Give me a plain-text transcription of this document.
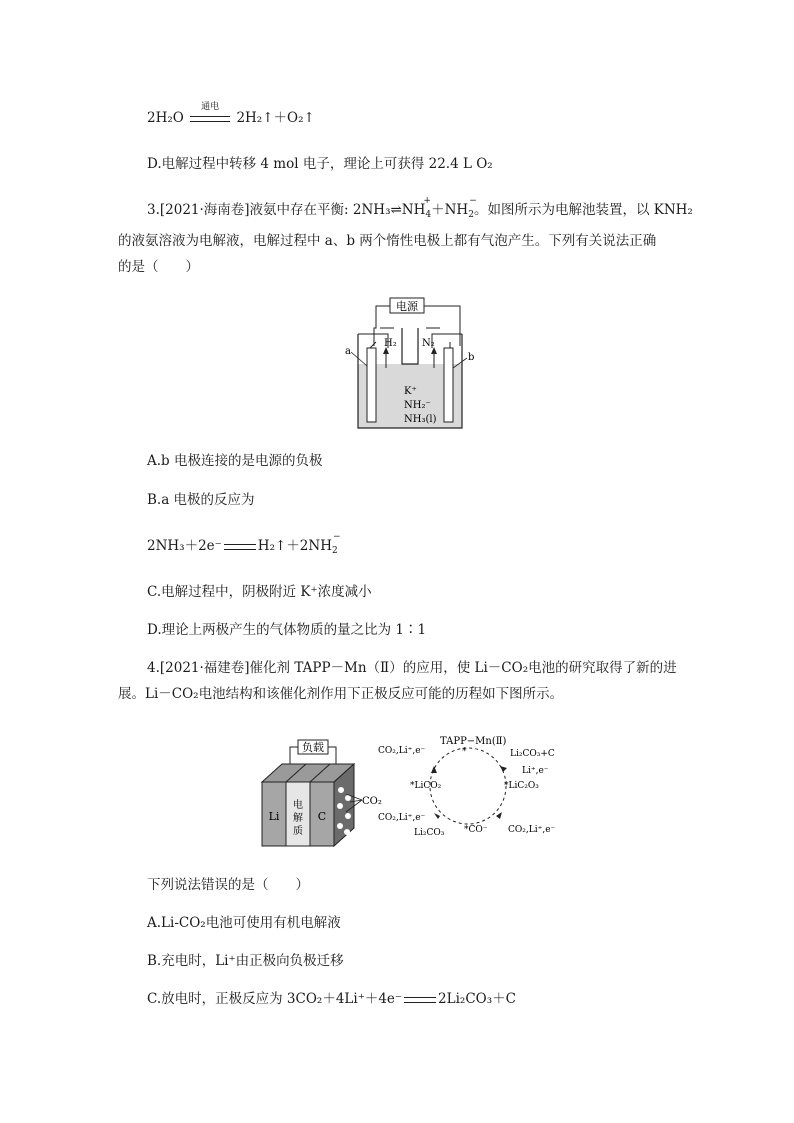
2H₂O
通电
2H₂↑＋O₂↑
D.电解过程中转移 4 mol 电子，理论上可获得 22.4 L O₂
3.[2021·海南卷]液氨中存在平衡: 2NH₃⇌NH
+
$_4$＋NH
−
$_2$。如图所示为电解池装置，以 KNH₂
的液氨溶液为电解液，电解过程中 a、b 两个惰性电极上都有气泡产生。下列有关说法正确
的是（　　）
电源
H₂	N₂
a
b
K⁺
NH₂⁻
NH₃(l)
A.b 电极连接的是电源的负极
B.a 电极的反应为
2NH₃＋2e⁻	H₂↑＋2NH
−
$_2$
C.电解过程中，阴极附近 K⁺浓度减小
D.理论上两极产生的气体物质的量之比为 1∶1
4.[2021·福建卷]催化剂 TAPP－Mn（Ⅱ）的应用，使 Li－CO₂电池的研究取得了新的进
展。Li－CO₂电池结构和该催化剂作用下正极反应可能的历程如下图所示。
负载
Li
电
解
质
C
CO₂
TAPP−Mn(Ⅱ)
*
CO₂,Li⁺,e⁻	Li₂CO₃+C
Li⁺,e⁻
*LiC₂O₃
*LiCO₂
CO₂,Li⁺,e⁻
Li₂CO₃ *CO⁻ CO₂,Li⁺,e⁻
下列说法错误的是（　　）
A.Li-CO₂电池可使用有机电解液
B.充电时，Li⁺由正极向负极迁移
C.放电时，正极反应为 3CO₂＋4Li⁺＋4e⁻	2Li₂CO₃＋C
